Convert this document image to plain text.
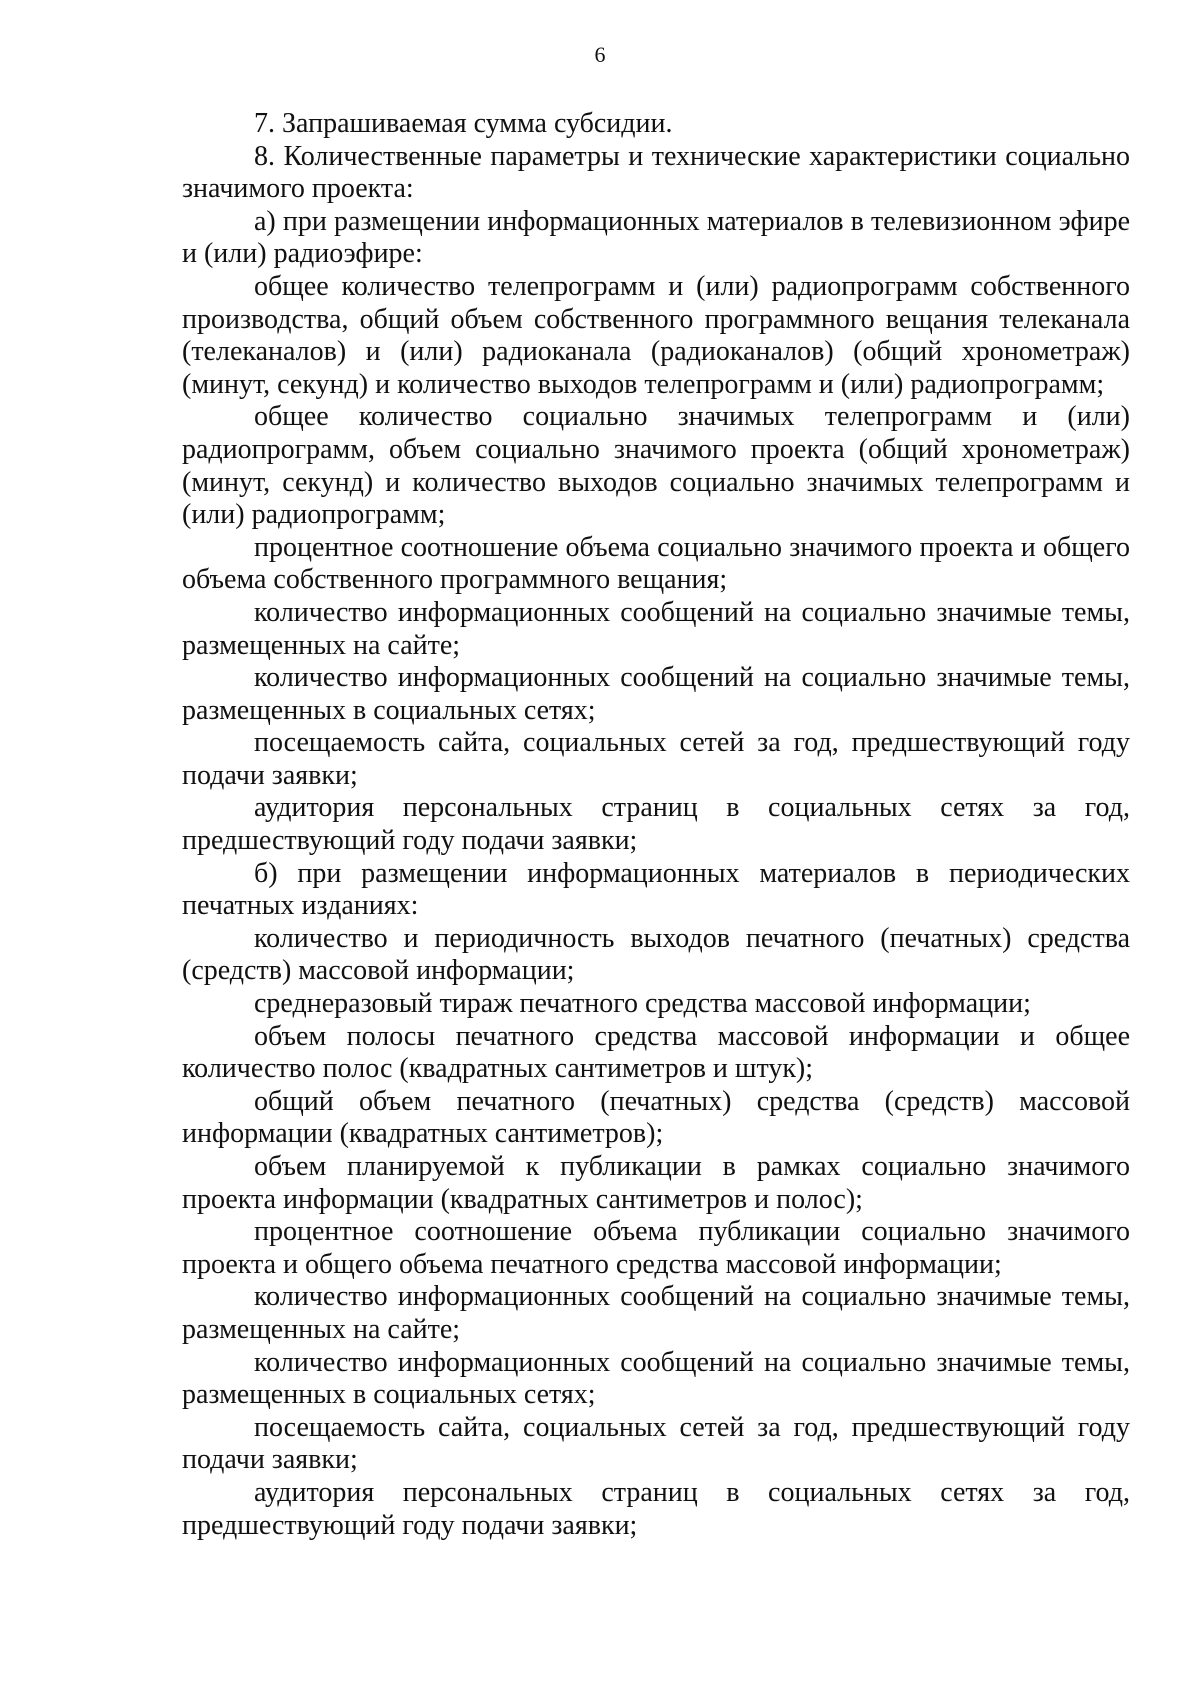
6

7. Запрашиваемая сумма субсидии.

8. Количественные параметры и технические характеристики социально значимого проекта:

а) при размещении информационных материалов в телевизионном эфире и (или) радиоэфире:

общее количество телепрограмм и (или) радиопрограмм собственного производства, общий объем собственного программного вещания телеканала (телеканалов) и (или) радиоканала (радиоканалов) (общий хронометраж) (минут, секунд) и количество выходов телепрограмм и (или) радиопрограмм;

общее количество социально значимых телепрограмм и (или) радиопрограмм, объем социально значимого проекта (общий хронометраж) (минут, секунд) и количество выходов социально значимых телепрограмм и (или) радиопрограмм;

процентное соотношение объема социально значимого проекта и общего объема собственного программного вещания;

количество информационных сообщений на социально значимые темы, размещенных на сайте;

количество информационных сообщений на социально значимые темы, размещенных в социальных сетях;

посещаемость сайта, социальных сетей за год, предшествующий году подачи заявки;

аудитория персональных страниц в социальных сетях за год, предшествующий году подачи заявки;

б) при размещении информационных материалов в периодических печатных изданиях:

количество и периодичность выходов печатного (печатных) средства (средств) массовой информации;

среднеразовый тираж печатного средства массовой информации;

объем полосы печатного средства массовой информации и общее количество полос (квадратных сантиметров и штук);

общий объем печатного (печатных) средства (средств) массовой информации (квадратных сантиметров);

объем планируемой к публикации в рамках социально значимого проекта информации (квадратных сантиметров и полос);

процентное соотношение объема публикации социально значимого проекта и общего объема печатного средства массовой информации;

количество информационных сообщений на социально значимые темы, размещенных на сайте;

количество информационных сообщений на социально значимые темы, размещенных в социальных сетях;

посещаемость сайта, социальных сетей за год, предшествующий году подачи заявки;

аудитория персональных страниц в социальных сетях за год, предшествующий году подачи заявки;
